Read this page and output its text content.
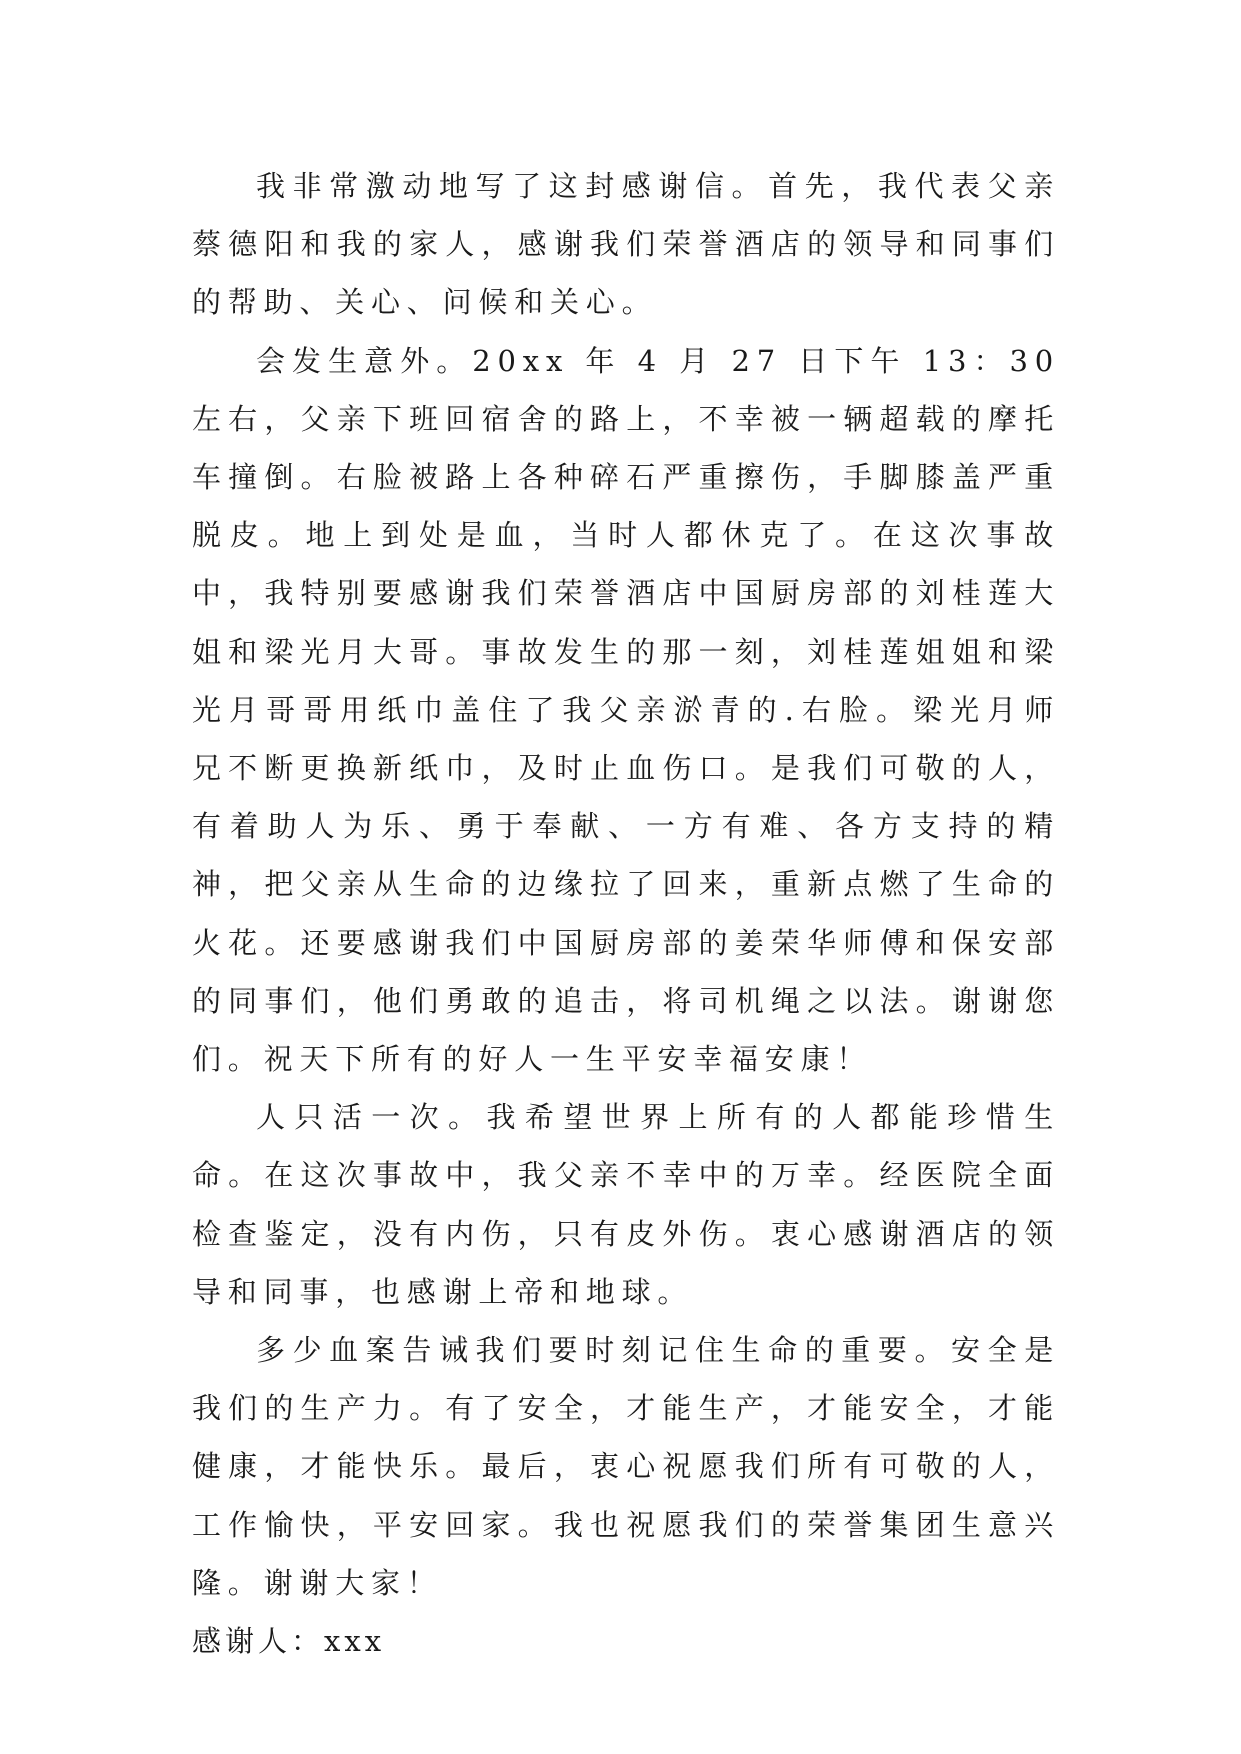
我非常激动地写了这封感谢信。首先，我代表父亲蔡德阳和我的家人，感谢我们荣誉酒店的领导和同事们的帮助、关心、问候和关心。

会发生意外。20xx 年 4 月 27 日下午 13：30 左右，父亲下班回宿舍的路上，不幸被一辆超载的摩托车撞倒。右脸被路上各种碎石严重擦伤，手脚膝盖严重脱皮。地上到处是血，当时人都休克了。在这次事故中，我特别要感谢我们荣誉酒店中国厨房部的刘桂莲大姐和梁光月大哥。事故发生的那一刻，刘桂莲姐姐和梁光月哥哥用纸巾盖住了我父亲淤青的.右脸。梁光月师兄不断更换新纸巾，及时止血伤口。是我们可敬的人，有着助人为乐、勇于奉献、一方有难、各方支持的精神，把父亲从生命的边缘拉了回来，重新点燃了生命的火花。还要感谢我们中国厨房部的姜荣华师傅和保安部的同事们，他们勇敢的追击，将司机绳之以法。谢谢您们。祝天下所有的好人一生平安幸福安康！

人只活一次。我希望世界上所有的人都能珍惜生命。在这次事故中，我父亲不幸中的万幸。经医院全面检查鉴定，没有内伤，只有皮外伤。衷心感谢酒店的领导和同事，也感谢上帝和地球。

多少血案告诫我们要时刻记住生命的重要。安全是我们的生产力。有了安全，才能生产，才能安全，才能健康，才能快乐。最后，衷心祝愿我们所有可敬的人，工作愉快，平安回家。我也祝愿我们的荣誉集团生意兴隆。谢谢大家！

感谢人：xxx
